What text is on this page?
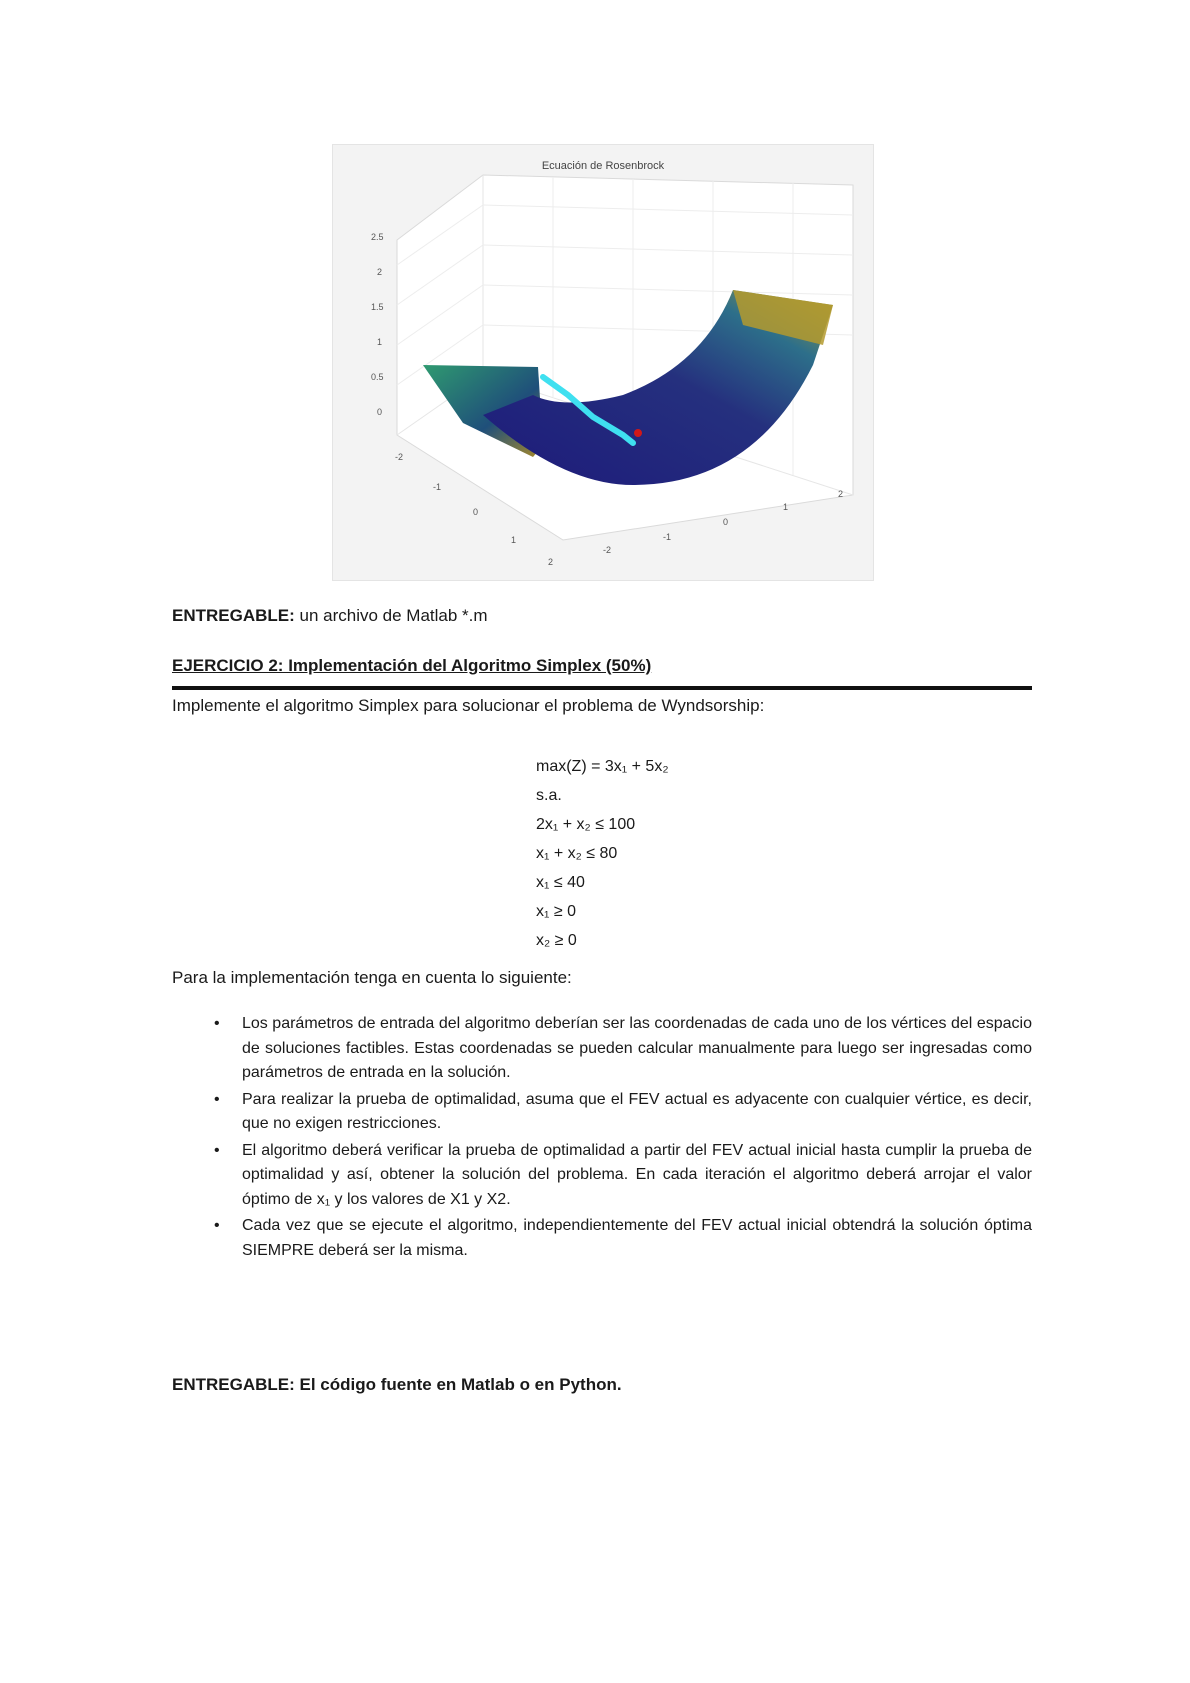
Ecuación de Rosenbrock
2.5
2
1.5
1
0.5
0
-2
-1
0
1
2
-2
-1
0
1
2
ENTREGABLE: un archivo de Matlab *.m
EJERCICIO 2: Implementación del Algoritmo Simplex (50%)
Implemente el algoritmo Simplex para solucionar el problema de Wyndsorship:
max(Z) = 3x₁ + 5x₂
s.a.
2x₁ + x₂ ≤ 100
x₁ + x₂ ≤ 80
x₁ ≤ 40
x₁ ≥ 0
x₂ ≥ 0
Para la implementación tenga en cuenta lo siguiente:
• Los parámetros de entrada del algoritmo deberían ser las coordenadas de cada uno de los vértices del espacio de soluciones factibles. Estas coordenadas se pueden calcular manualmente para luego ser ingresadas como parámetros de entrada en la solución.
• Para realizar la prueba de optimalidad, asuma que el FEV actual es adyacente con cualquier vértice, es decir, que no exigen restricciones.
• El algoritmo deberá verificar la prueba de optimalidad a partir del FEV actual inicial hasta cumplir la prueba de optimalidad y así, obtener la solución del problema. En cada iteración el algoritmo deberá arrojar el valor óptimo de x₁ y los valores de X1 y X2.
• Cada vez que se ejecute el algoritmo, independientemente del FEV actual inicial obtendrá la solución óptima SIEMPRE deberá ser la misma.
ENTREGABLE: El código fuente en Matlab o en Python.
